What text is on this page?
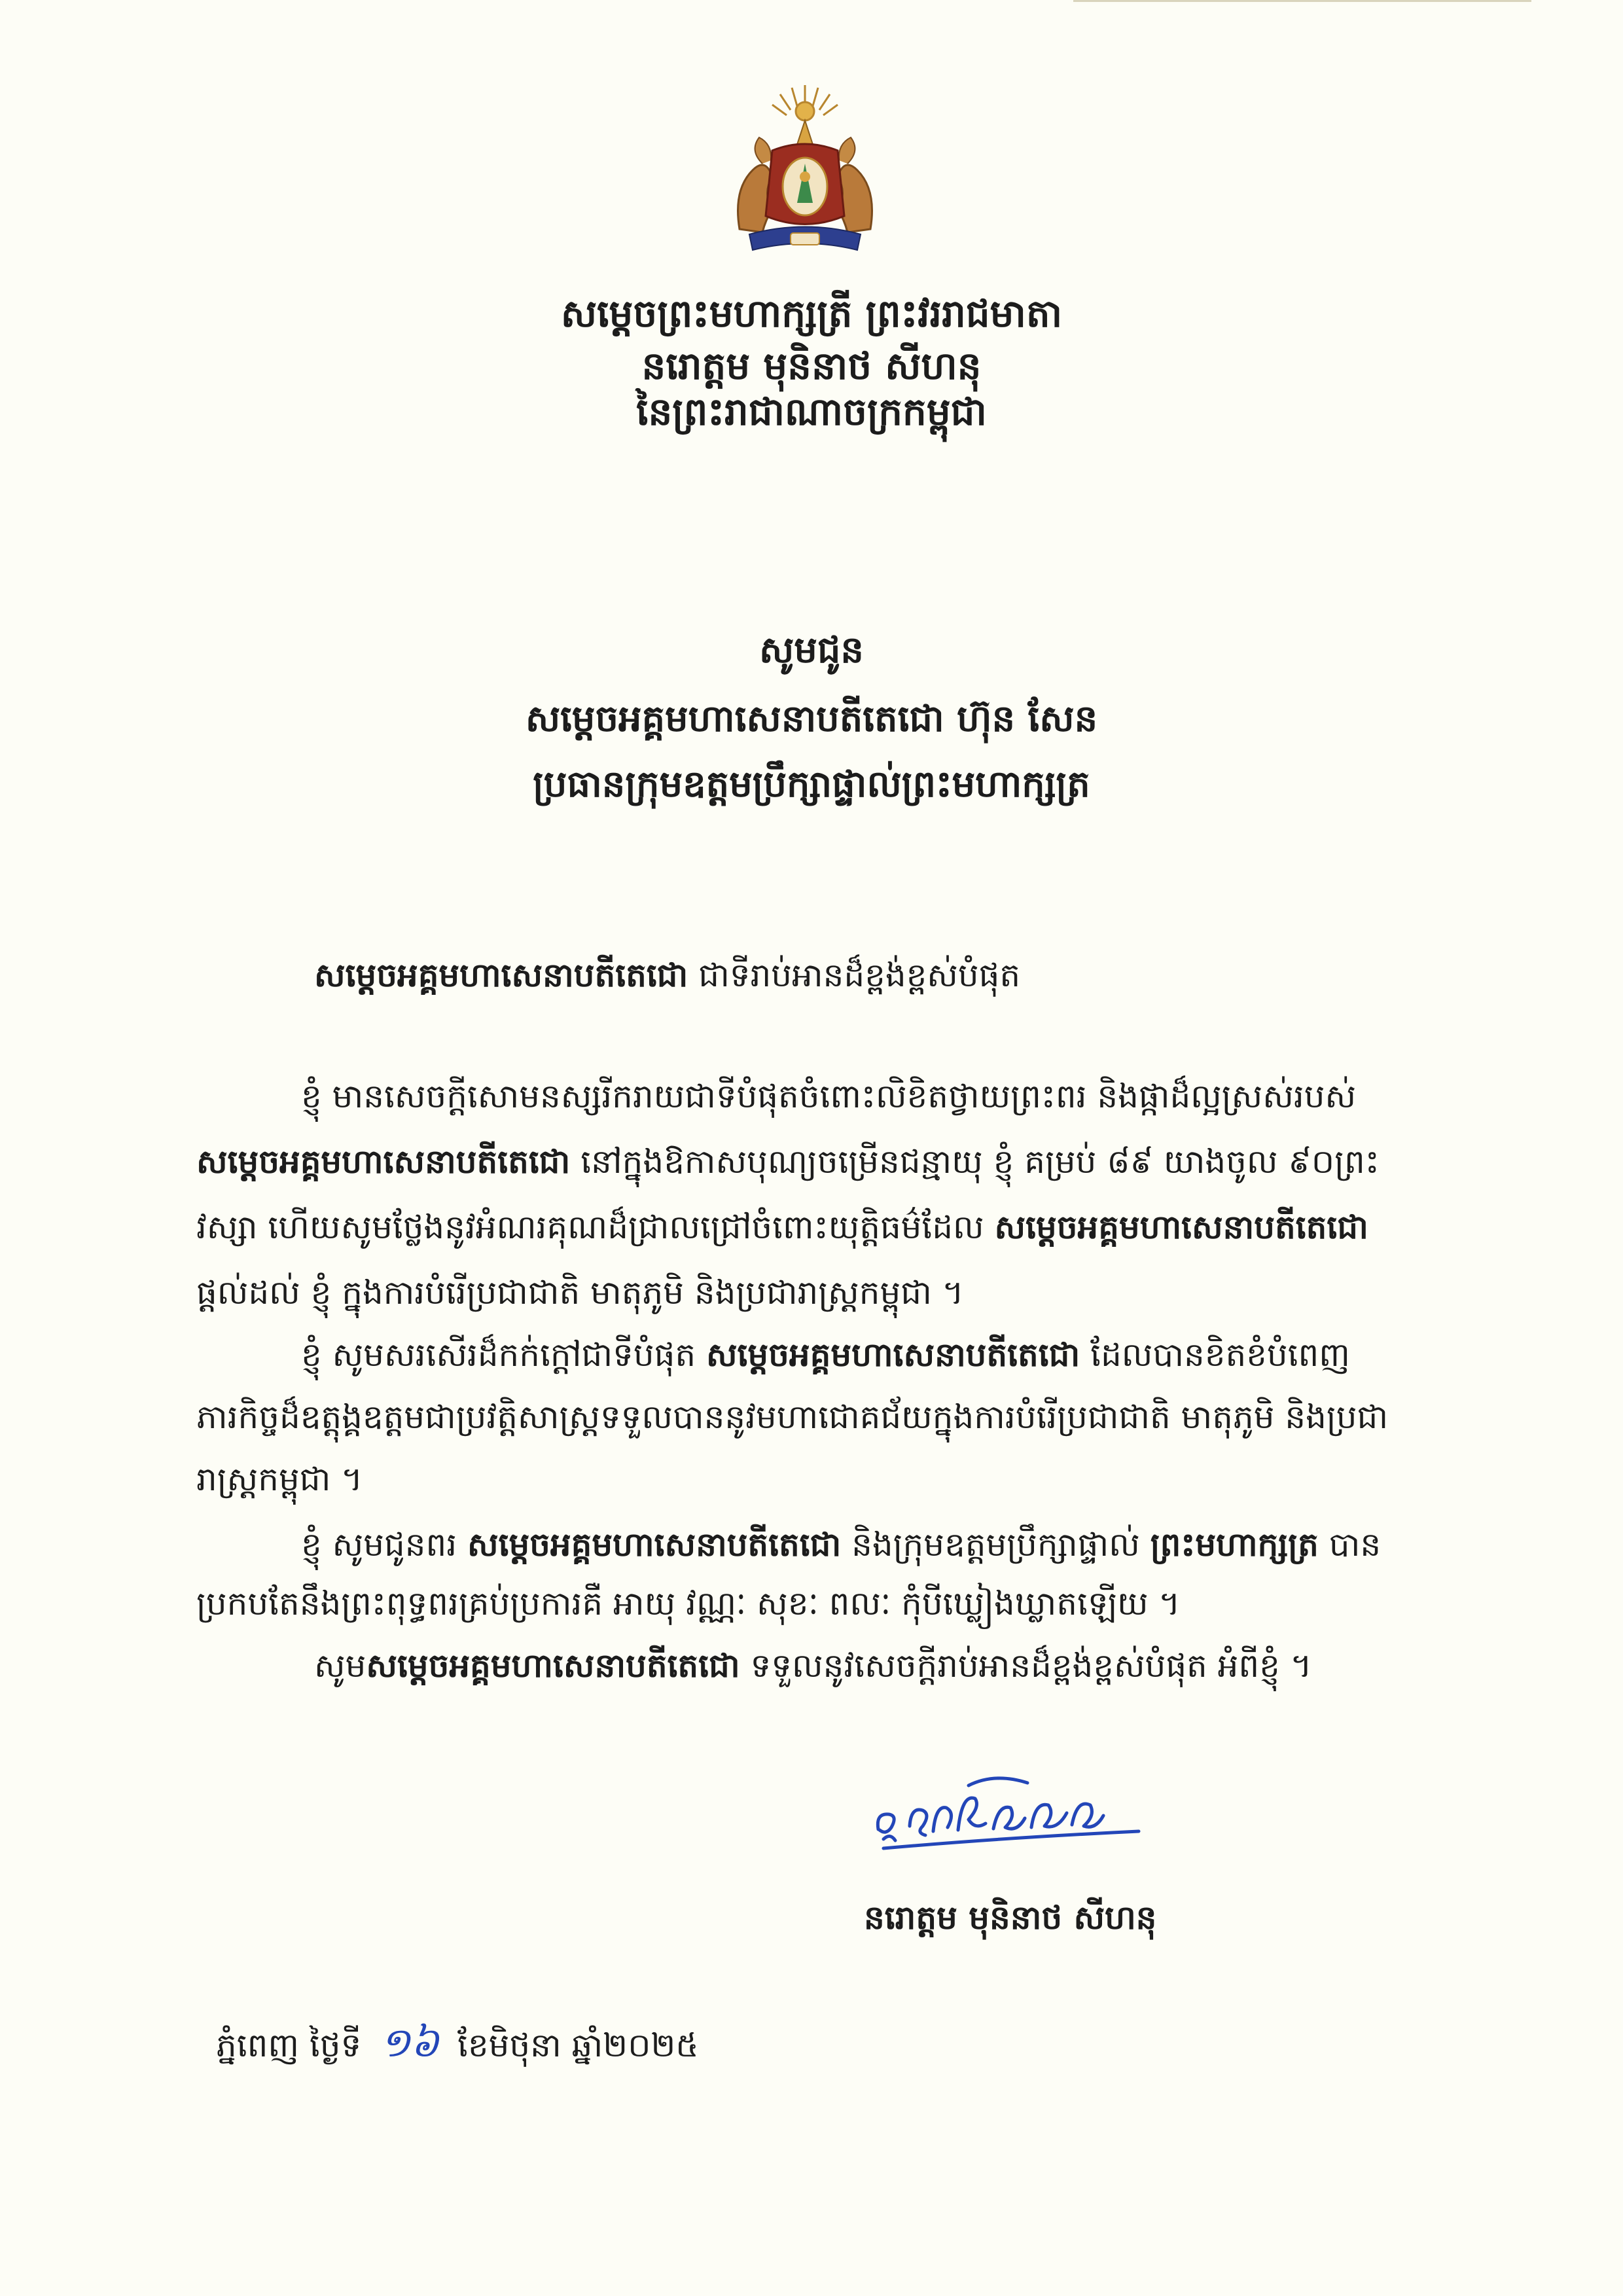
សម្តេចព្រះមហាក្សត្រី ព្រះវររាជមាតា
នរោត្តម មុនិនាថ សីហនុ
នៃព្រះរាជាណាចក្រកម្ពុជា
សូមជូន
សម្តេចអគ្គមហាសេនាបតីតេជោ ហ៊ុន សែន
ប្រធានក្រុមឧត្តមប្រឹក្សាផ្ទាល់ព្រះមហាក្សត្រ
សម្តេចអគ្គមហាសេនាបតីតេជោ ជាទីរាប់អានដ៏ខ្ពង់ខ្ពស់បំផុត
ខ្ញុំ មានសេចក្តីសោមនស្សរីករាយជាទីបំផុតចំពោះលិខិតថ្វាយព្រះពរ និងផ្កាដ៏ល្អស្រស់របស់
សម្តេចអគ្គមហាសេនាបតីតេជោ នៅក្នុងឱកាសបុណ្យចម្រើនជន្មាយុ ខ្ញុំ គម្រប់ ៨៩ យាងចូល ៩០ព្រះ
វស្សា ហើយសូមថ្លែងនូវអំណរគុណដ៏ជ្រាលជ្រៅចំពោះយុត្តិធម៌ដែល សម្តេចអគ្គមហាសេនាបតីតេជោ
ផ្តល់ដល់ ខ្ញុំ ក្នុងការបំរើប្រជាជាតិ មាតុភូមិ និងប្រជារាស្ត្រកម្ពុជា ។
ខ្ញុំ សូមសរសើរដ៏កក់ក្តៅជាទីបំផុត សម្តេចអគ្គមហាសេនាបតីតេជោ ដែលបានខិតខំបំពេញ
ភារកិច្ចដ៏ឧត្តុង្គឧត្តមជាប្រវត្តិសាស្ត្រទទួលបាននូវមហាជោគជ័យក្នុងការបំរើប្រជាជាតិ មាតុភូមិ និងប្រជា
រាស្ត្រកម្ពុជា ។
ខ្ញុំ សូមជូនពរ សម្តេចអគ្គមហាសេនាបតីតេជោ និងក្រុមឧត្តមប្រឹក្សាផ្ទាល់ ព្រះមហាក្សត្រ បាន
ប្រកបតែនឹងព្រះពុទ្ធពរគ្រប់ប្រការគឺ អាយុ វណ្ណៈ សុខៈ ពលៈ កុំបីឃ្លៀងឃ្លាតឡើយ ។
សូមសម្តេចអគ្គមហាសេនាបតីតេជោ ទទួលនូវសេចក្តីរាប់អានដ៏ខ្ពង់ខ្ពស់បំផុត អំពីខ្ញុំ ។
នរោត្តម មុនិនាថ សីហនុ
ភ្នំពេញ ថ្ងៃទី ១៦ ខែមិថុនា ឆ្នាំ២០២៥
